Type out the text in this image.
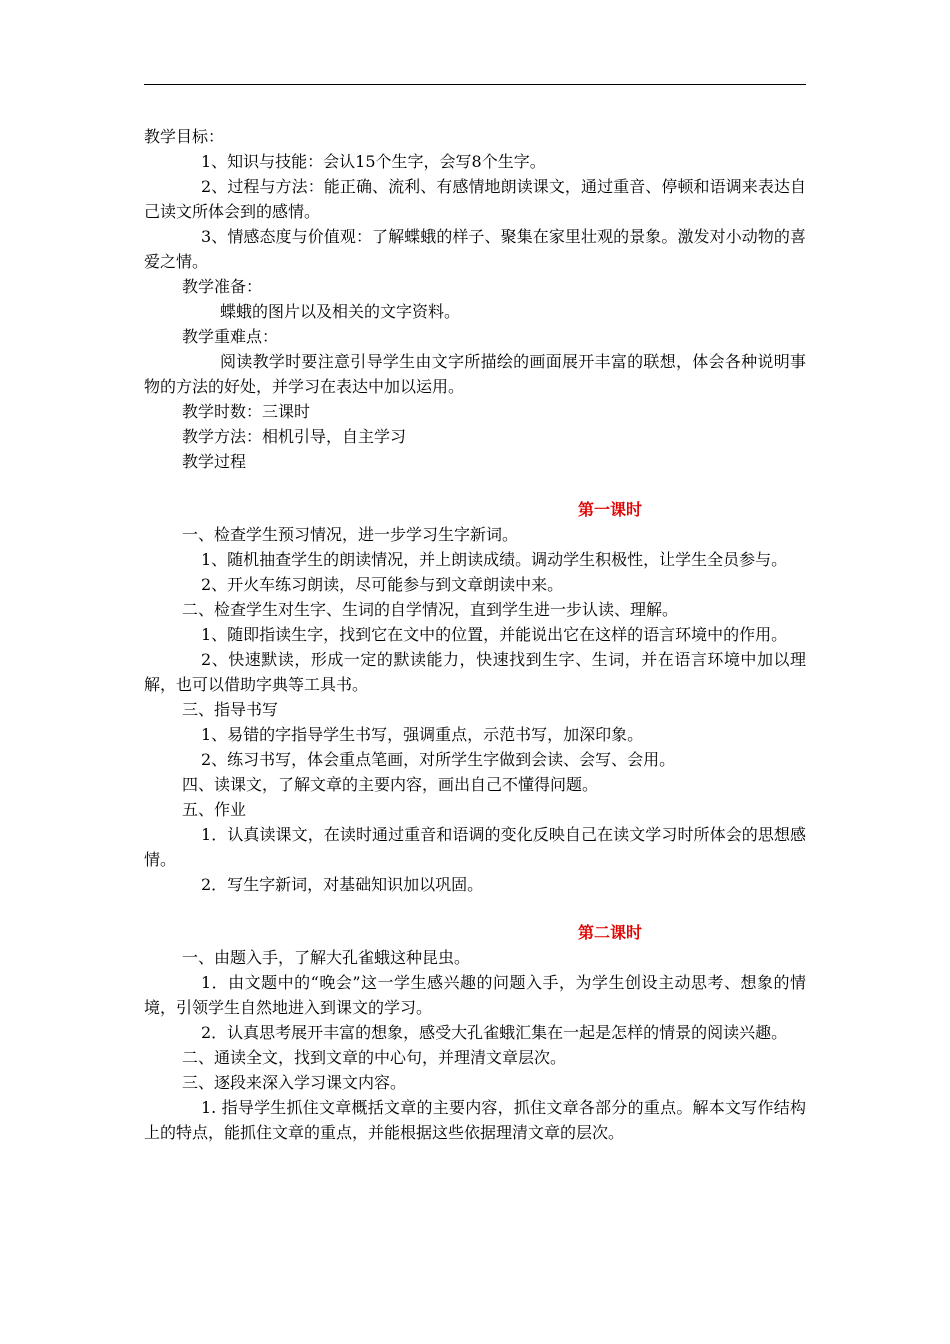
教学目标：

1、知识与技能：会认15个生字，会写8个生字。

2、过程与方法：能正确、流利、有感情地朗读课文，通过重音、停顿和语调来表达自己读文所体会到的感情。

3、情感态度与价值观：了解蝶蛾的样子、聚集在家里壮观的景象。激发对小动物的喜爱之情。

教学准备：

蝶蛾的图片以及相关的文字资料。

教学重难点：

阅读教学时要注意引导学生由文字所描绘的画面展开丰富的联想，体会各种说明事物的方法的好处，并学习在表达中加以运用。

教学时数：三课时

教学方法：相机引导，自主学习

教学过程

第一课时

一、检查学生预习情况，进一步学习生字新词。

1、随机抽查学生的朗读情况，并上朗读成绩。调动学生积极性，让学生全员参与。

2、开火车练习朗读，尽可能参与到文章朗读中来。

二、检查学生对生字、生词的自学情况，直到学生进一步认读、理解。

1、随即指读生字，找到它在文中的位置，并能说出它在这样的语言环境中的作用。

2、快速默读，形成一定的默读能力，快速找到生字、生词，并在语言环境中加以理解，也可以借助字典等工具书。

三、指导书写

1、易错的字指导学生书写，强调重点，示范书写，加深印象。

2、练习书写，体会重点笔画，对所学生字做到会读、会写、会用。

四、读课文，了解文章的主要内容，画出自己不懂得问题。

五、作业

1．认真读课文，在读时通过重音和语调的变化反映自己在读文学习时所体会的思想感情。

2．写生字新词，对基础知识加以巩固。

第二课时

一、由题入手，了解大孔雀蛾这种昆虫。

1．由文题中的“晚会”这一学生感兴趣的问题入手，为学生创设主动思考、想象的情境，引领学生自然地进入到课文的学习。

2．认真思考展开丰富的想象，感受大孔雀蛾汇集在一起是怎样的情景的阅读兴趣。

二、通读全文，找到文章的中心句，并理清文章层次。

三、逐段来深入学习课文内容。

1. 指导学生抓住文章概括文章的主要内容，抓住文章各部分的重点。解本文写作结构上的特点，能抓住文章的重点，并能根据这些依据理清文章的层次。
